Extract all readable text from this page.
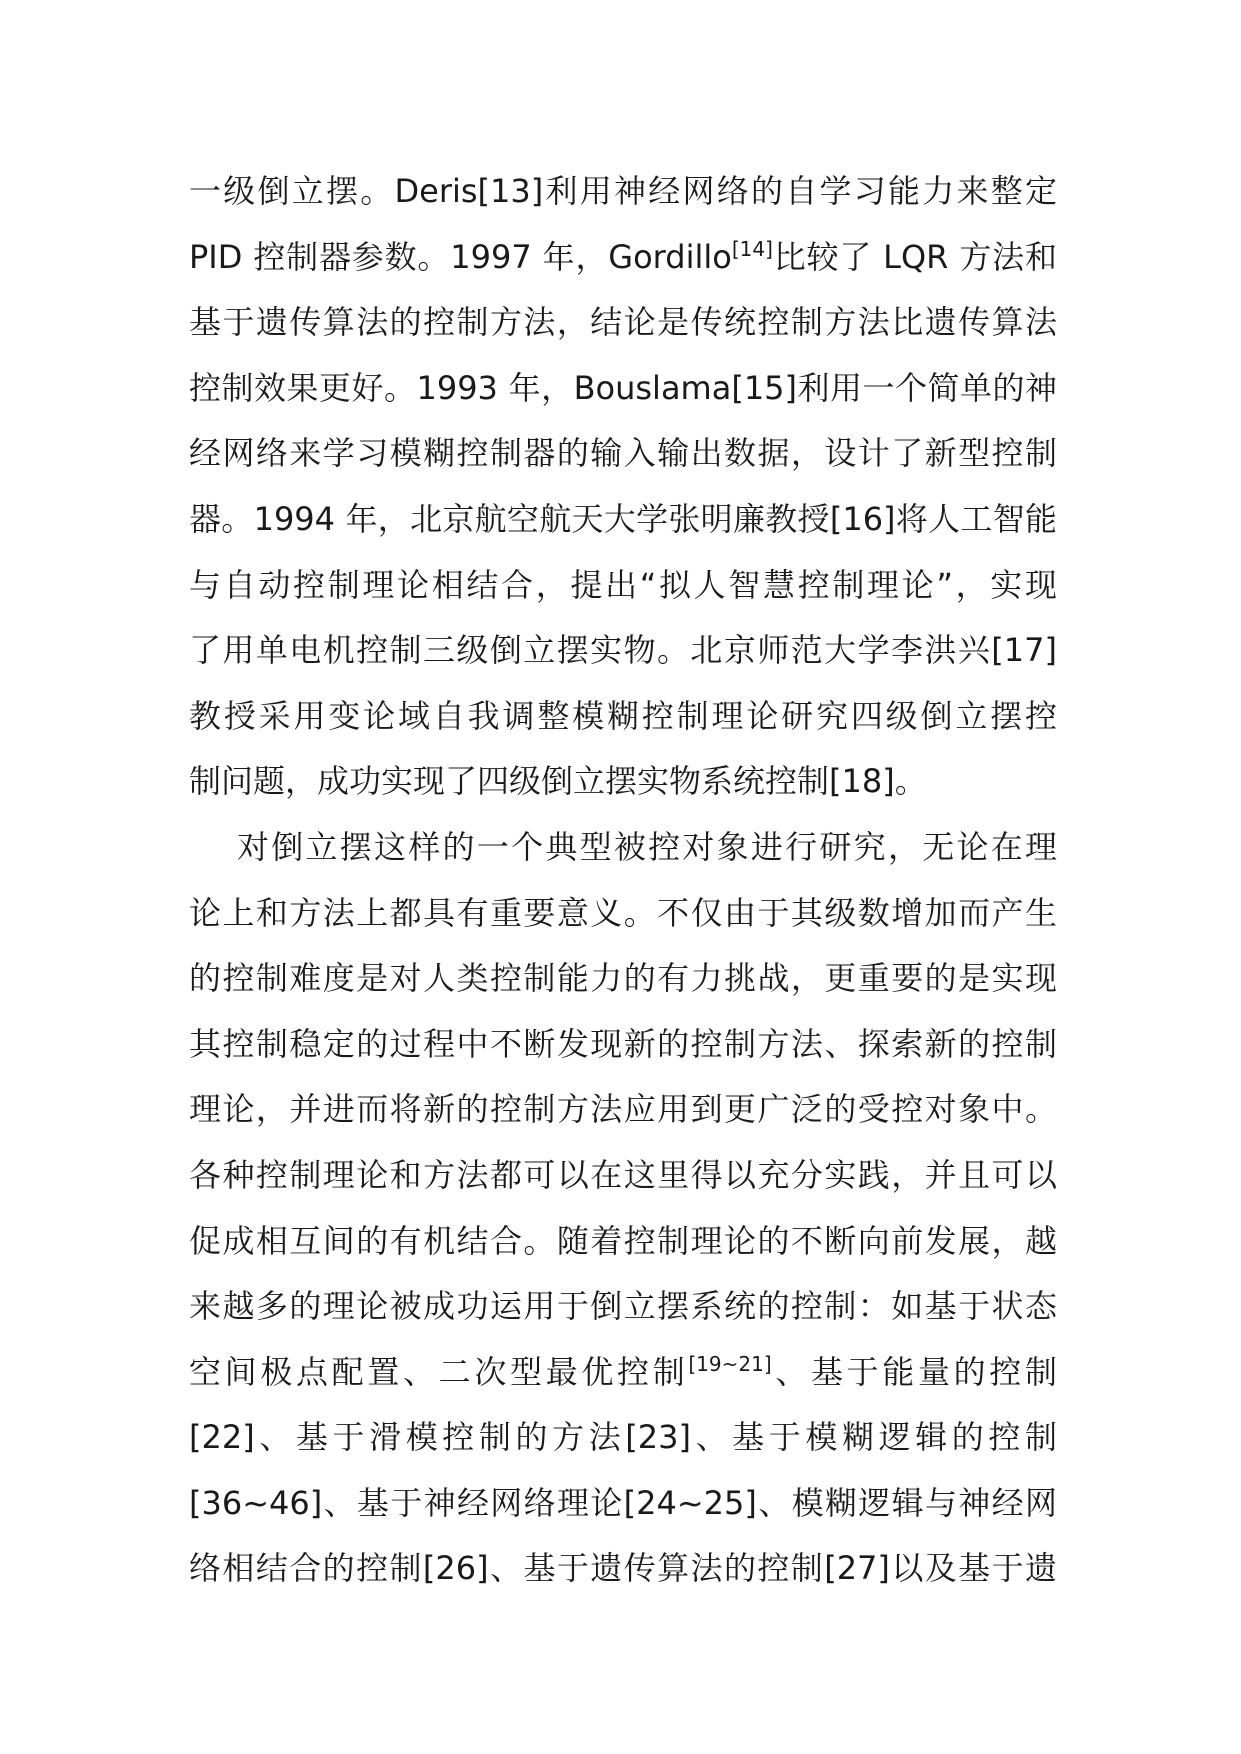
一级倒立摆。Deris[13]利用神经网络的自学习能力来整定
PID 控制器参数。1997 年，Gordillo[14]比较了 LQR 方法和
基于遗传算法的控制方法，结论是传统控制方法比遗传算法
控制效果更好。1993 年，Bouslama[15]利用一个简单的神
经网络来学习模糊控制器的输入输出数据，设计了新型控制
器。1994 年，北京航空航天大学张明廉教授[16]将人工智能
与自动控制理论相结合，提出“拟人智慧控制理论”，实现
了用单电机控制三级倒立摆实物。北京师范大学李洪兴[17]
教授采用变论域自我调整模糊控制理论研究四级倒立摆控
制问题，成功实现了四级倒立摆实物系统控制[18]。
对倒立摆这样的一个典型被控对象进行研究，无论在理
论上和方法上都具有重要意义。不仅由于其级数增加而产生
的控制难度是对人类控制能力的有力挑战，更重要的是实现
其控制稳定的过程中不断发现新的控制方法、探索新的控制
理论，并进而将新的控制方法应用到更广泛的受控对象中。
各种控制理论和方法都可以在这里得以充分实践，并且可以
促成相互间的有机结合。随着控制理论的不断向前发展，越
来越多的理论被成功运用于倒立摆系统的控制：如基于状态
空间极点配置、二次型最优控制[19~21]、基于能量的控制
[22]、基于滑模控制的方法[23]、基于模糊逻辑的控制
[36~46]、基于神经网络理论[24~25]、模糊逻辑与神经网
络相结合的控制[26]、基于遗传算法的控制[27]以及基于遗
